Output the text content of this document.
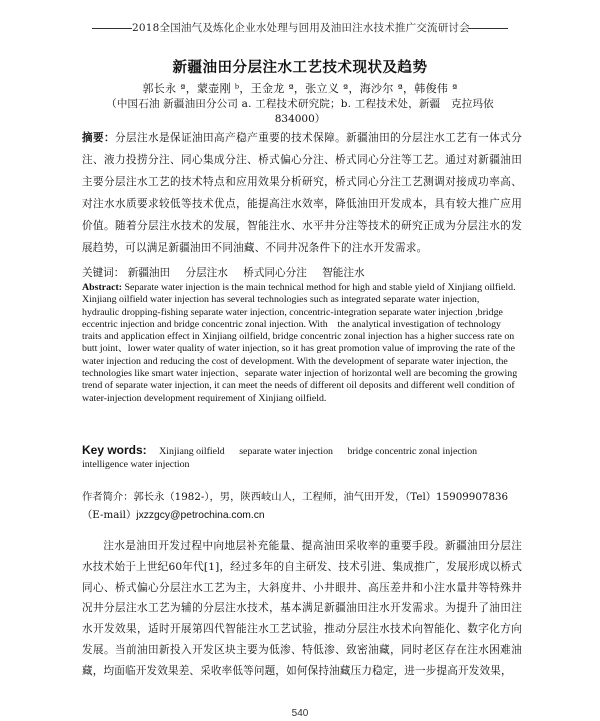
2018全国油气及炼化企业水处理与回用及油田注水技术推广交流研讨会
新疆油田分层注水工艺技术现状及趋势
郭长永 ª，蒙壶刚 ᵇ，王金龙 ª，张立义 ª，海沙尔 ª，韩俊伟 ª
（中国石油 新疆油田分公司 a. 工程技术研究院；b. 工程技术处，新疆　克拉玛依
834000）
摘要：分层注水是保证油田高产稳产重要的技术保障。新疆油田的分层注水工艺有一体式分注、液力投捞分注、同心集成分注、桥式偏心分注、桥式同心分注等工艺。通过对新疆油田主要分层注水工艺的技术特点和应用效果分析研究，桥式同心分注工艺测调对接成功率高、对注水水质要求较低等技术优点，能提高注水效率，降低油田开发成本，具有较大推广应用价值。随着分层注水技术的发展，智能注水、水平井分注等技术的研究正成为分层注水的发展趋势，可以满足新疆油田不同油藏、不同井况条件下的注水开发需求。
关键词： 新疆油田 分层注水 桥式同心分注 智能注水
Abstract: Separate water injection is the main technical method for high and stable yield of Xinjiang oilfield. Xinjiang oilfield water injection has several technologies such as integrated separate water injection, hydraulic dropping-fishing separate water injection, concentric-integration separate water injection ,bridge eccentric injection and bridge concentric zonal injection. With　the analytical investigation of technology traits and application effect in Xinjiang oilfield, bridge concentric zonal injection has a higher success rate on butt joint、lower water quality of water injection, so it has great promotion value of improving the rate of the water injection and reducing the cost of development. With the development of separate water injection, the technologies like smart water injection、separate water injection of horizontal well are becoming the growing trend of separate water injection, it can meet the needs of different oil deposits and different well condition of water-injection development requirement of Xinjiang oilfield.
Key words: Xinjiang oilfield separate water injection bridge concentric zonal injection
intelligence water injection
作者简介：郭长永（1982-），男，陕西岐山人，工程师，油气田开发，（Tel）15909907836
（E-mail）jxzzgcy@petrochina.com.cn
注水是油田开发过程中向地层补充能量、提高油田采收率的重要手段。新疆油田分层注水技术始于上世纪60年代[1]，经过多年的自主研发、技术引进、集成推广，发展形成以桥式同心、桥式偏心分层注水工艺为主，大斜度井、小井眼井、高压差井和小注水量井等特殊井况井分层注水工艺为辅的分层注水技术，基本满足新疆油田注水开发需求。为提升了油田注水开发效果，适时开展第四代智能注水工艺试验，推动分层注水技术向智能化、数字化方向发展。当前油田新投入开发区块主要为低渗、特低渗、致密油藏，同时老区存在注水困难油藏，均面临开发效果差、采收率低等问题，如何保持油藏压力稳定，进一步提高开发效果，
540
